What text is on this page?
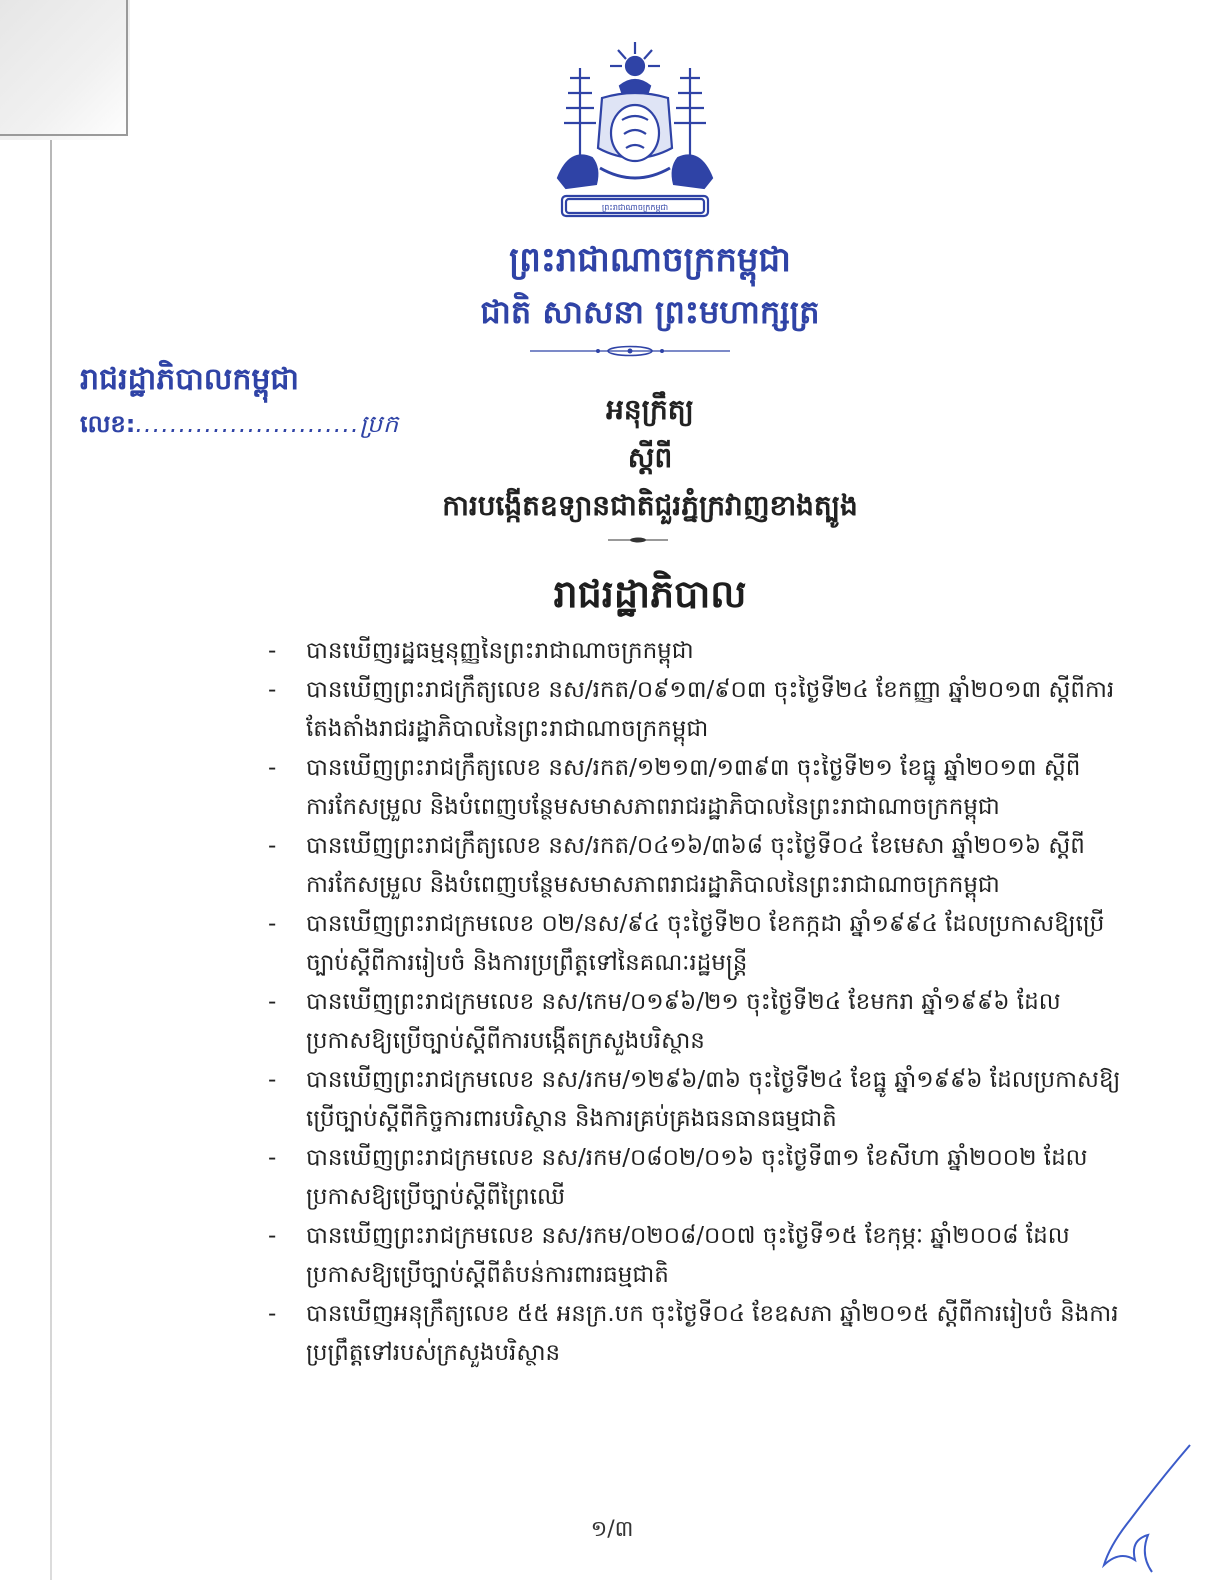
ព្រះរាជាណាចក្រកម្ពុជា
ព្រះរាជាណាចក្រកម្ពុជា
ជាតិ សាសនា ព្រះមហាក្សត្រ
រាជរដ្ឋាភិបាលកម្ពុជា
លេខ:..........................ប្រក	អនុក្រឹត្យ
ស្តីពី
ការបង្កើតឧទ្យានជាតិជួរភ្នំក្រវាញខាងត្បូង
រាជរដ្ឋាភិបាល
- បានឃើញរដ្ឋធម្មនុញ្ញនៃព្រះរាជាណាចក្រកម្ពុជា
- បានឃើញព្រះរាជក្រឹត្យលេខ នស/រកត/០៩១៣/៩០៣ ចុះថ្ងៃទី២៤ ខែកញ្ញា ឆ្នាំ២០១៣ ស្តីពីការតែងតាំងរាជរដ្ឋាភិបាលនៃព្រះរាជាណាចក្រកម្ពុជា
- បានឃើញព្រះរាជក្រឹត្យលេខ នស/រកត/១២១៣/១៣៩៣ ចុះថ្ងៃទី២១ ខែធ្នូ ឆ្នាំ២០១៣ ស្តីពីការកែសម្រួល និងបំពេញបន្ថែមសមាសភាពរាជរដ្ឋាភិបាលនៃព្រះរាជាណាចក្រកម្ពុជា
- បានឃើញព្រះរាជក្រឹត្យលេខ នស/រកត/០៤១៦/៣៦៨ ចុះថ្ងៃទី០៤ ខែមេសា ឆ្នាំ២០១៦ ស្តីពីការកែសម្រួល និងបំពេញបន្ថែមសមាសភាពរាជរដ្ឋាភិបាលនៃព្រះរាជាណាចក្រកម្ពុជា
- បានឃើញព្រះរាជក្រមលេខ ០២/នស/៩៤ ចុះថ្ងៃទី២០ ខែកក្កដា ឆ្នាំ១៩៩៤ ដែលប្រកាសឱ្យប្រើច្បាប់ស្តីពីការរៀបចំ និងការប្រព្រឹត្តទៅនៃគណៈរដ្ឋមន្ត្រី
- បានឃើញព្រះរាជក្រមលេខ នស/កេម/០១៩៦/២១ ចុះថ្ងៃទី២៤ ខែមករា ឆ្នាំ១៩៩៦ ដែលប្រកាសឱ្យប្រើច្បាប់ស្តីពីការបង្កើតក្រសួងបរិស្ថាន
- បានឃើញព្រះរាជក្រមលេខ នស/រកម/១២៩៦/៣៦ ចុះថ្ងៃទី២៤ ខែធ្នូ ឆ្នាំ១៩៩៦ ដែលប្រកាសឱ្យប្រើច្បាប់ស្តីពីកិច្ចការពារបរិស្ថាន និងការគ្រប់គ្រងធនធានធម្មជាតិ
- បានឃើញព្រះរាជក្រមលេខ នស/រកម/០៨០២/០១៦ ចុះថ្ងៃទី៣១ ខែសីហា ឆ្នាំ២០០២ ដែលប្រកាសឱ្យប្រើច្បាប់ស្តីពីព្រៃឈើ
- បានឃើញព្រះរាជក្រមលេខ នស/រកម/០២០៨/០០៧ ចុះថ្ងៃទី១៥ ខែកុម្ភៈ ឆ្នាំ២០០៨ ដែលប្រកាសឱ្យប្រើច្បាប់ស្តីពីតំបន់ការពារធម្មជាតិ
- បានឃើញអនុក្រឹត្យលេខ ៥៥ អនក្រ.បក ចុះថ្ងៃទី០៤ ខែឧសភា ឆ្នាំ២០១៥ ស្តីពីការរៀបចំ និងការប្រព្រឹត្តទៅរបស់ក្រសួងបរិស្ថាន
១/៣
